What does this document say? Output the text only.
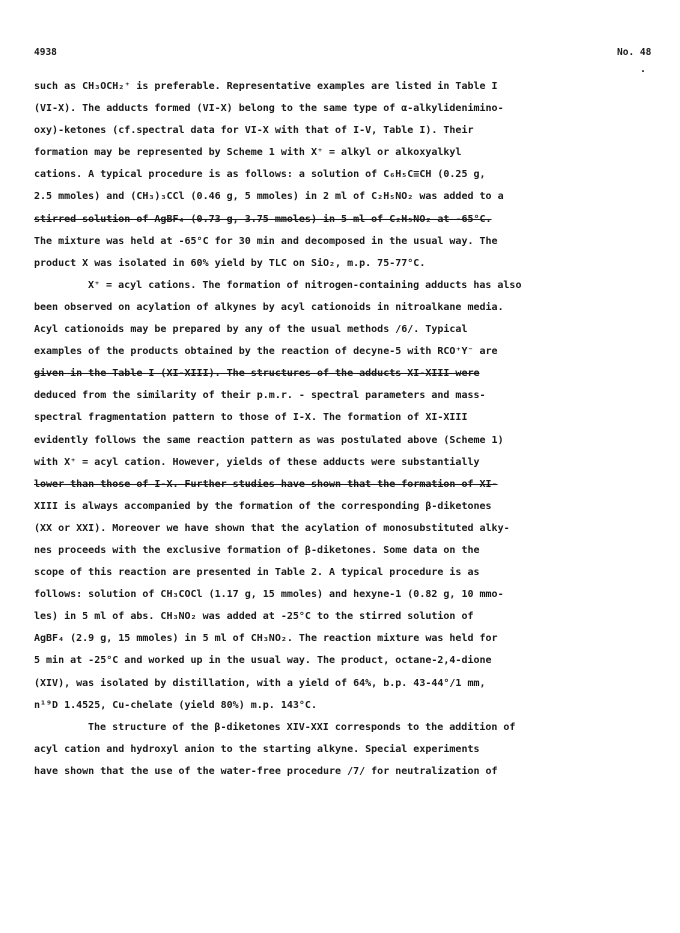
4938	No. 48
.
such as CH₃OCH₂⁺ is preferable. Representative examples are listed in Table I
(VI-X). The adducts formed (VI-X) belong to the same type of α-alkylideniminо-
oxy)-ketones (cf.spectral data for VI-X with that of I-V, Table I). Their
formation may be represented by Scheme 1 with X⁺ = alkyl or alkoxyalkyl
cations. A typical procedure is as follows: a solution of C₆H₅C≡CH (0.25 g,
2.5 mmoles) and (CH₃)₃CCl (0.46 g, 5 mmoles) in 2 ml of C₂H₅NO₂ was added to a
stirred solution of AgBF₄ (0.73 g, 3.75 mmoles) in 5 ml of C₂H₅NO₂ at -65°C.
The mixture was held at -65°C for 30 min and decomposed in the usual way. The
product X was isolated in 60% yield by TLC on SiO₂, m.p. 75-77°C.
X⁺ = acyl cations. The formation of nitrogen-containing adducts has also
been observed on acylation of alkynes by acyl cationoids in nitroalkane media.
Acyl cationoids may be prepared by any of the usual methods /6/. Typical
examples of the products obtained by the reaction of decyne-5 with RCO⁺Y⁻ are
given in the Table I (XI-XIII). The structures of the adducts XI-XIII were
deduced from the similarity of their p.m.r. - spectral parameters and mass-
spectral fragmentation pattern to those of I-X. The formation of XI-XIII
evidently follows the same reaction pattern as was postulated above (Scheme 1)
with X⁺ = acyl cation. However, yields of these adducts were substantially
lower than those of I-X. Further studies have shown that the formation of XI-
XIII is always accompanied by the formation of the corresponding β-diketones
(XX or XXI). Moreover we have shown that the acylation of monosubstituted alky-
nes proceeds with the exclusive formation of β-diketones. Some data on the
scope of this reaction are presented in Table 2. A typical procedure is as
follows: solution of CH₃COCl (1.17 g, 15 mmoles) and hexyne-1 (0.82 g, 10 mmo-
les) in 5 ml of abs. CH₃NO₂ was added at -25°C to the stirred solution of
AgBF₄ (2.9 g, 15 mmoles) in 5 ml of CH₃NO₂. The reaction mixture was held for
5 min at -25°C and worked up in the usual way. The product, octane-2,4-dione
(XIV), was isolated by distillation, with a yield of 64%, b.p. 43-44°/1 mm,
n¹⁹D 1.4525, Cu-chelate (yield 80%) m.p. 143°C.
The structure of the β-diketones XIV-XXI corresponds to the addition of
acyl cation and hydroxyl anion to the starting alkyne. Special experiments
have shown that the use of the water-free procedure /7/ for neutralization of
